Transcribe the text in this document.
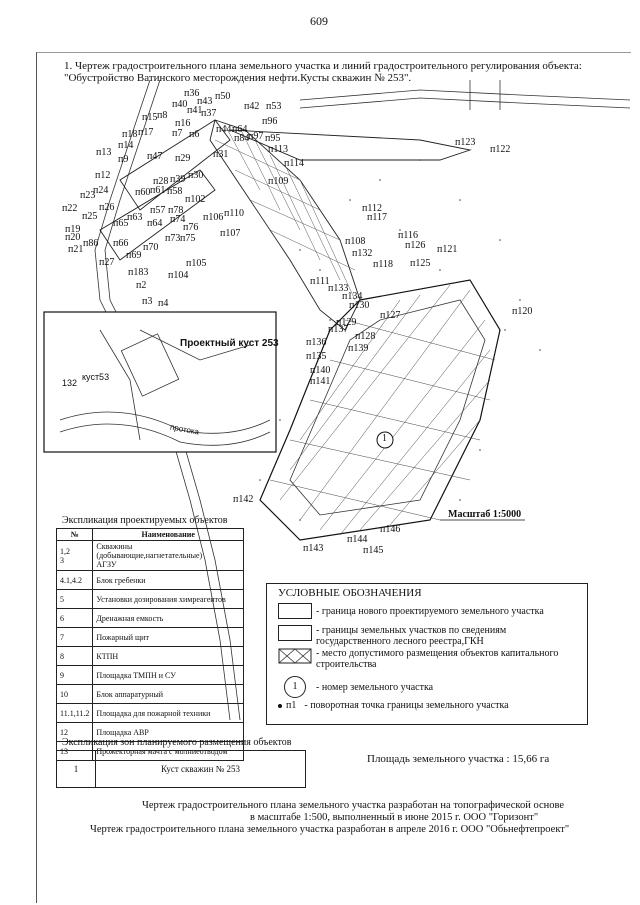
609
1. Чертеж градостроительного плана земельного участка и линий градостроительного регулирования объекта:
"Обустройство Ватинского месторождения нефти.Кусты скважин № 253".
п36
п43 п50
п42 п53
п40
п41
п37
п96
п15 п8
п16
п44 п64
п18 п17 п7 п6	п84
п97 п95
п14	п113
п13
п9 п47 п29 п31
п114
п12
п28 п39 п30
п109
п23
п24	п61
п60 п58
п102
п22 п26
п25	п63
п65
п57 п78	п110
п19
п20
п21
п86
п64 п74
п76
п106
п107
п27
п66
п69
п70
п73 п75
п105
п183 п104
п2
п3 п4
п123
п122
п117
п112
п116
п108	п126 п121
п132
п118 п125
п111
п133
п134
п130
п127	п120
п129
п137
п128
п136
п139
п135
п140
п141
п142
п146
п144
п143	п145
Проектный куст 253
куст53
132
протока
1
Масштаб 1:5000
Экспликация проектируемых объектов
№	Наименование
1,2
3	Скважины (добывающие,нагнетательные)
АГЗУ
4.1,4.2	Блок гребенки
5	Установки дозирования химреагентов
6	Дренажная емкость
7	Пожарный щит
8	КТПН
9	Площадка ТМПН и СУ
10	Блок аппаратурный
11.1,11.2	Площадка для пожарной техники
12	Площадка АВР
13	Прожекторная мачта с молниеотводом
УСЛОВНЫЕ ОБОЗНАЧЕНИЯ
- граница нового проектируемого земельного участка
- границы земельных участков по сведениям государственного лесного реестра,ГКН
- место допустимого размещения объектов капитального строительства
1	- номер земельного участка
п1 - поворотная точка границы земельного участка
Экспликация зон планируемого размещения объектов
1	Куст скважин № 253
Площадь земельного участка : 15,66 га
Чертеж градостроительного плана земельного участка разработан на топографической основе
в масштабе 1:500, выполненный в июне 2015 г. ООО "Горизонт"
Чертеж градостроительного плана земельного участка разработан в апреле 2016 г. ООО "Обьнефтепроект"
